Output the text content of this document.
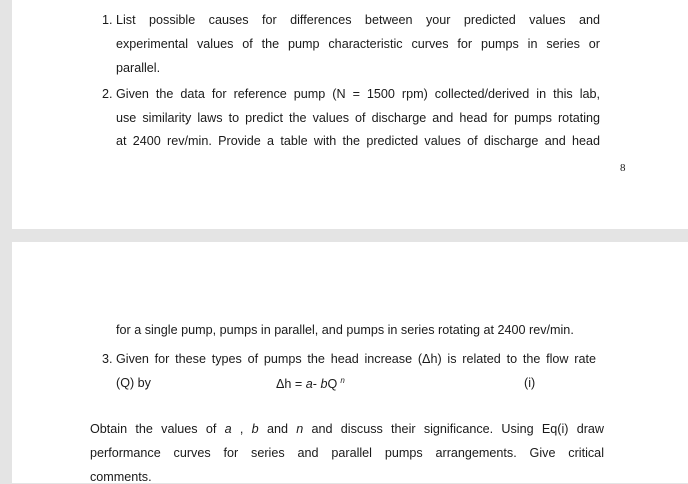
1. List possible causes for differences between your predicted values and
experimental values of the pump characteristic curves for pumps in series or
parallel.
2. Given the data for reference pump (N = 1500 rpm) collected/derived in this lab,
use similarity laws to predict the values of discharge and head for pumps rotating
at 2400 rev/min. Provide a table with the predicted values of discharge and head
8
for a single pump, pumps in parallel, and pumps in series rotating at 2400 rev/min.
3. Given for these types of pumps the head increase (Δh) is related to the flow rate
(Q) by	Δh = a- bQ $^n$	(i)
Obtain the values of a , b and n and discuss their significance. Using Eq(i) draw
performance curves for series and parallel pumps arrangements. Give critical
comments.
